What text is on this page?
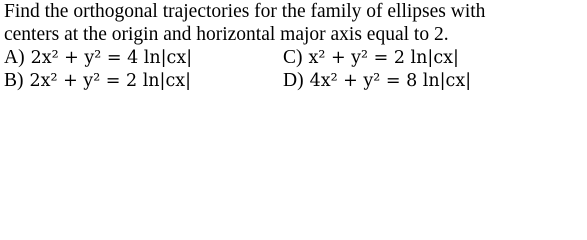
Find the orthogonal trajectories for the family of ellipses with
centers at the origin and horizontal major axis equal to 2.
A) 2x² + y² = 4 ln|cx|	C) x² + y² = 2 ln|cx|
B) 2x² + y² = 2 ln|cx|	D) 4x² + y² = 8 ln|cx|
